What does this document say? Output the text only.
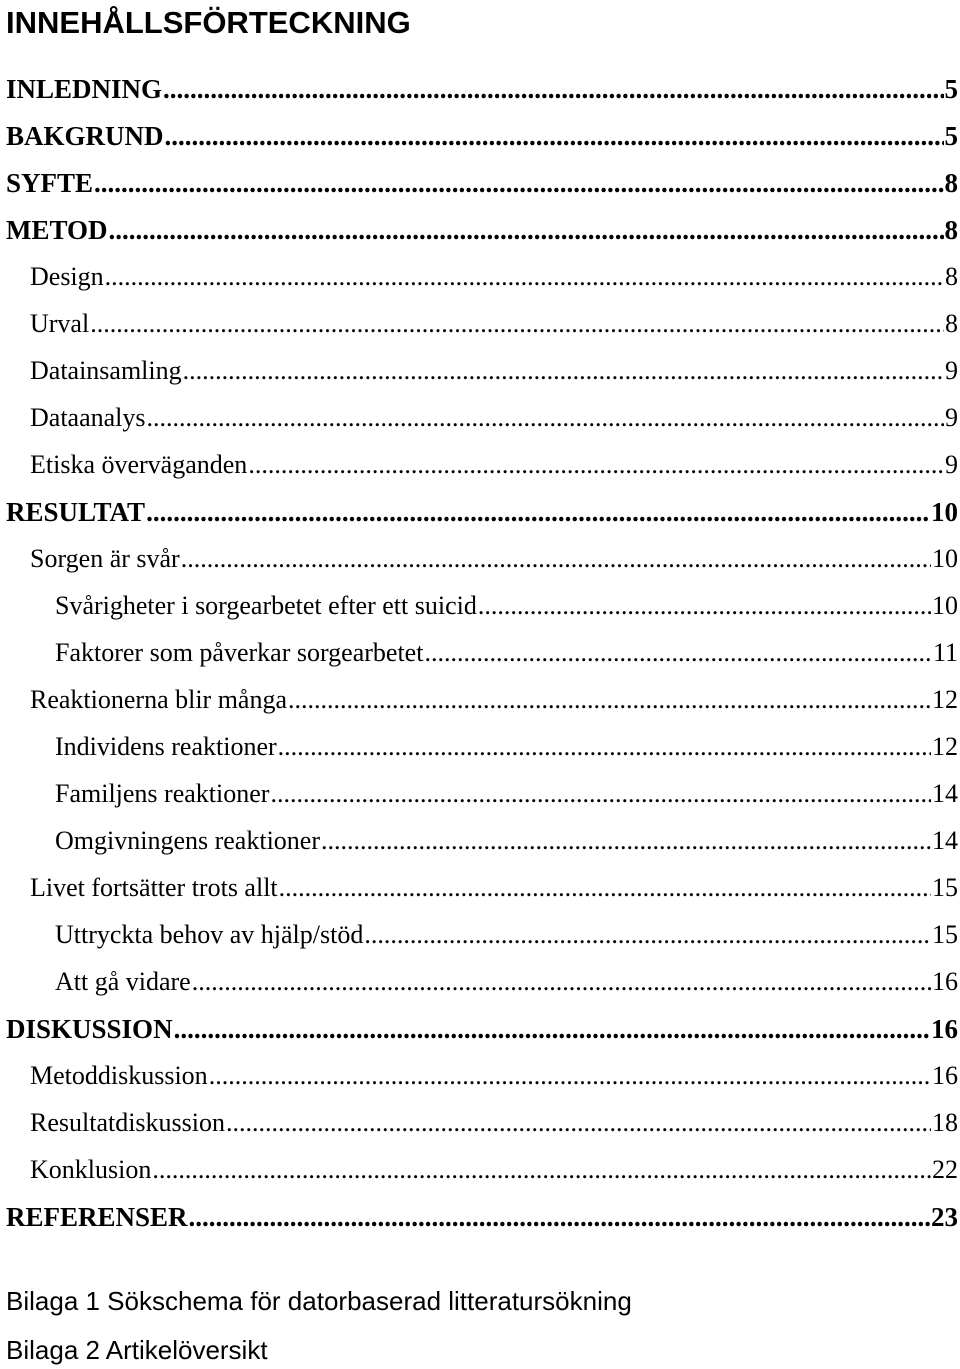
INNEHÅLLSFÖRTECKNING
INLEDNING .....	5
BAKGRUND .....	5
SYFTE .....	8
METOD .....	8
Design .....	8
Urval .....	8
Datainsamling .....	9
Dataanalys .....	9
Etiska överväganden .....	9
RESULTAT .....	10
Sorgen är svår .....	10
Svårigheter i sorgearbetet efter ett suicid .....	10
Faktorer som påverkar sorgearbetet .....	11
Reaktionerna blir många .....	12
Individens reaktioner .....	12
Familjens reaktioner .....	14
Omgivningens reaktioner .....	14
Livet fortsätter trots allt .....	15
Uttryckta behov av hjälp/stöd .....	15
Att gå vidare .....	16
DISKUSSION .....	16
Metoddiskussion .....	16
Resultatdiskussion .....	18
Konklusion .....	22
REFERENSER .....	23
Bilaga 1 Sökschema för datorbaserad litteratursökning
Bilaga 2 Artikelöversikt
